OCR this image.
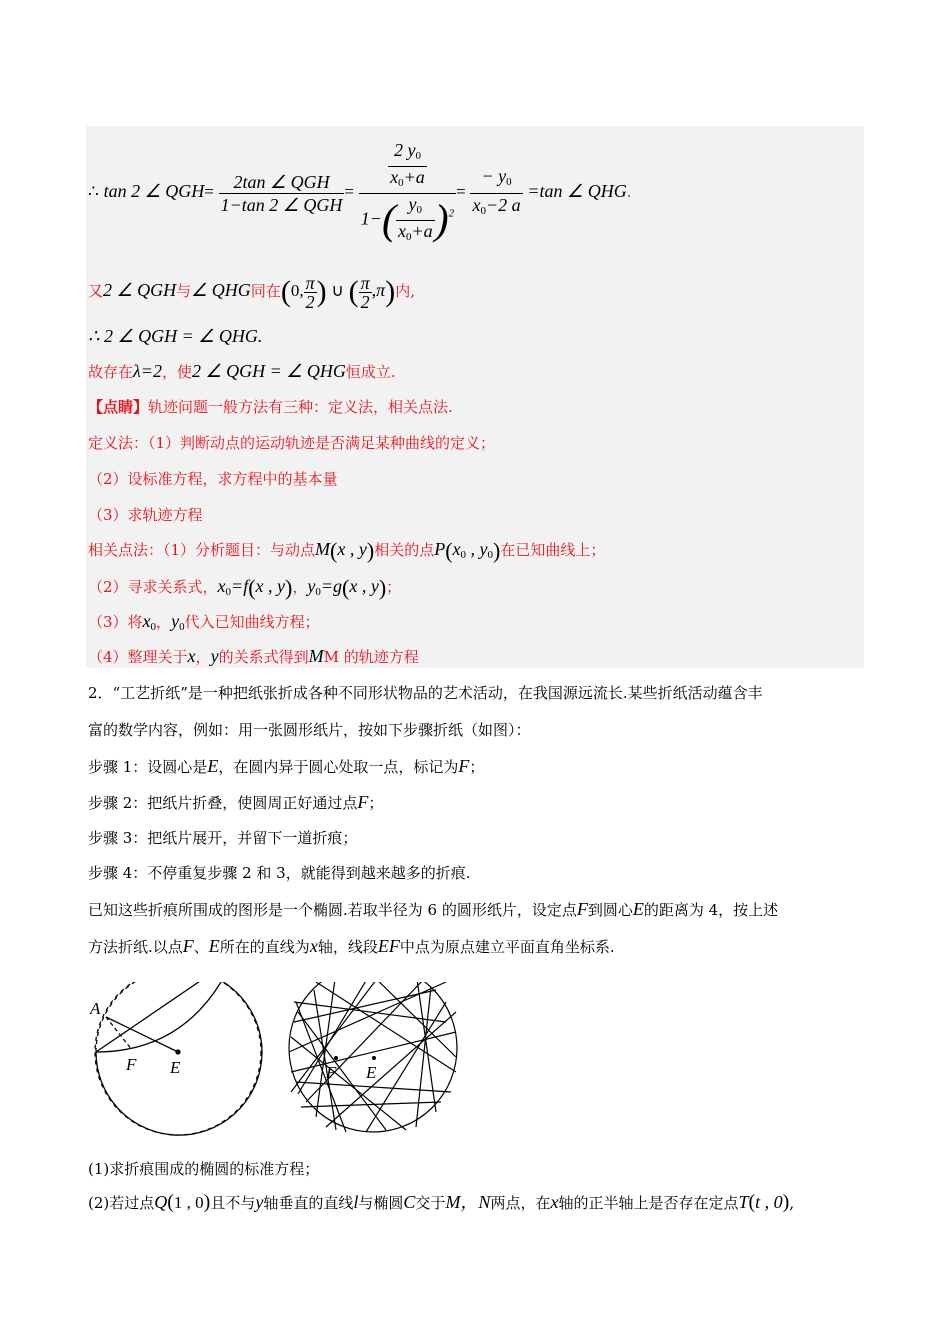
∴ tan 2 ∠ $QGH= \frac{\text{2tan ∠ QGH}}{\text{1−tan 2 ∠ QGH}} = \frac{\frac{2 y_0}{x_0+a}}{1-( \frac{y_0}{x_0+a} )^2} = \frac{- y_0}{x_0-2 a} =\tan$ ∠ QHG.
又2 ∠ QGH与∠ QHG同在(0, $\frac{\pi}{2}$ ) ∪ ( $\frac{\pi}{2} ,\pi$)内,
∴ 2 ∠ QGH = ∠ QHG.
故存在λ=2，使2 ∠ QGH = ∠ QHG恒成立.
【点睛】轨迹问题一般方法有三种：定义法，相关点法.
定义法：（1）判断动点的运动轨迹是否满足某种曲线的定义；
（2）设标准方程，求方程中的基本量
（3）求轨迹方程
相关点法：（1）分析题目：与动点M(x , y)相关的点$P(x_0$ , $y_0$)在已知曲线上；
（2）寻求关系式，$x_0=f(x$ , y)，$y_0=g(x$ , y)；
（3）将$x_0$，$y_0$代入已知曲线方程；
（4）整理关于x，y的关系式得到MM 的轨迹方程
2．“工艺折纸”是一种把纸张折成各种不同形状物品的艺术活动，在我国源远流长.某些折纸活动蕴含丰
富的数学内容，例如：用一张圆形纸片，按如下步骤折纸（如图）：
步骤 1：设圆心是E，在圆内异于圆心处取一点，标记为F；
步骤 2：把纸片折叠，使圆周正好通过点F；
步骤 3：把纸片展开，并留下一道折痕；
步骤 4：不停重复步骤 2 和 3，就能得到越来越多的折痕.
已知这些折痕所围成的图形是一个椭圆.若取半径为 6 的圆形纸片，设定点F到圆心E的距离为 4，按上述
方法折纸.以点F、E所在的直线为x轴，线段EF中点为原点建立平面直角坐标系.
A
F E	F E
(1)求折痕围成的椭圆的标准方程；
(2)若过点Q(1 , 0)且不与y轴垂直的直线l与椭圆C交于M，N两点，在x轴的正半轴上是否存在定点T(t , 0),
